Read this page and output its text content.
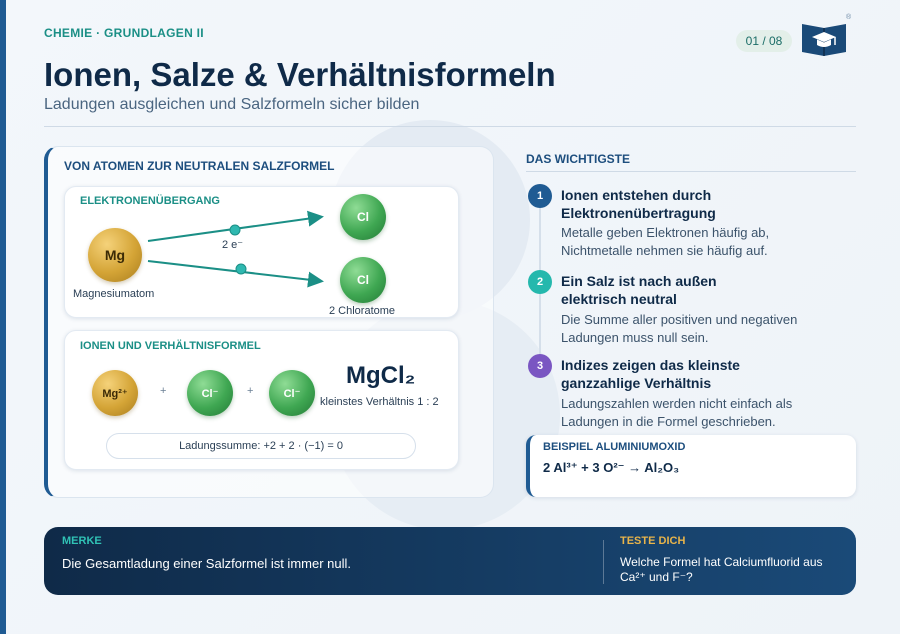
CHEMIE · GRUNDLAGEN II
01 / 08
®
Ionen, Salze & Verhältnisformeln
Ladungen ausgleichen und Salzformeln sicher bilden
VON ATOMEN ZUR NEUTRALEN SALZFORMEL
ELEKTRONENÜBERGANG
Mg
Magnesiumatom
2 e⁻
Cl
Cl
2 Chloratome
IONEN UND VERHÄLTNISFORMEL
Mg²⁺	+	Cl⁻	+	Cl⁻
MgCl₂
kleinstes Verhältnis 1 : 2
Ladungssumme: +2 + 2 · (−1) = 0
DAS WICHTIGSTE
1	Ionen entstehen durch Elektronenübertragung
Metalle geben Elektronen häufig ab, Nichtmetalle nehmen sie häufig auf.
2	Ein Salz ist nach außen elektrisch neutral
Die Summe aller positiven und negativen Ladungen muss null sein.
3	Indizes zeigen das kleinste ganzzahlige Verhältnis
Ladungszahlen werden nicht einfach als Ladungen in die Formel geschrieben.
BEISPIEL ALUMINIUMOXID
2 Al³⁺ + 3 O²⁻ → Al₂O₃
MERKE
Die Gesamtladung einer Salzformel ist immer null.
TESTE DICH
Welche Formel hat Calciumfluorid aus Ca²⁺ und F⁻?
